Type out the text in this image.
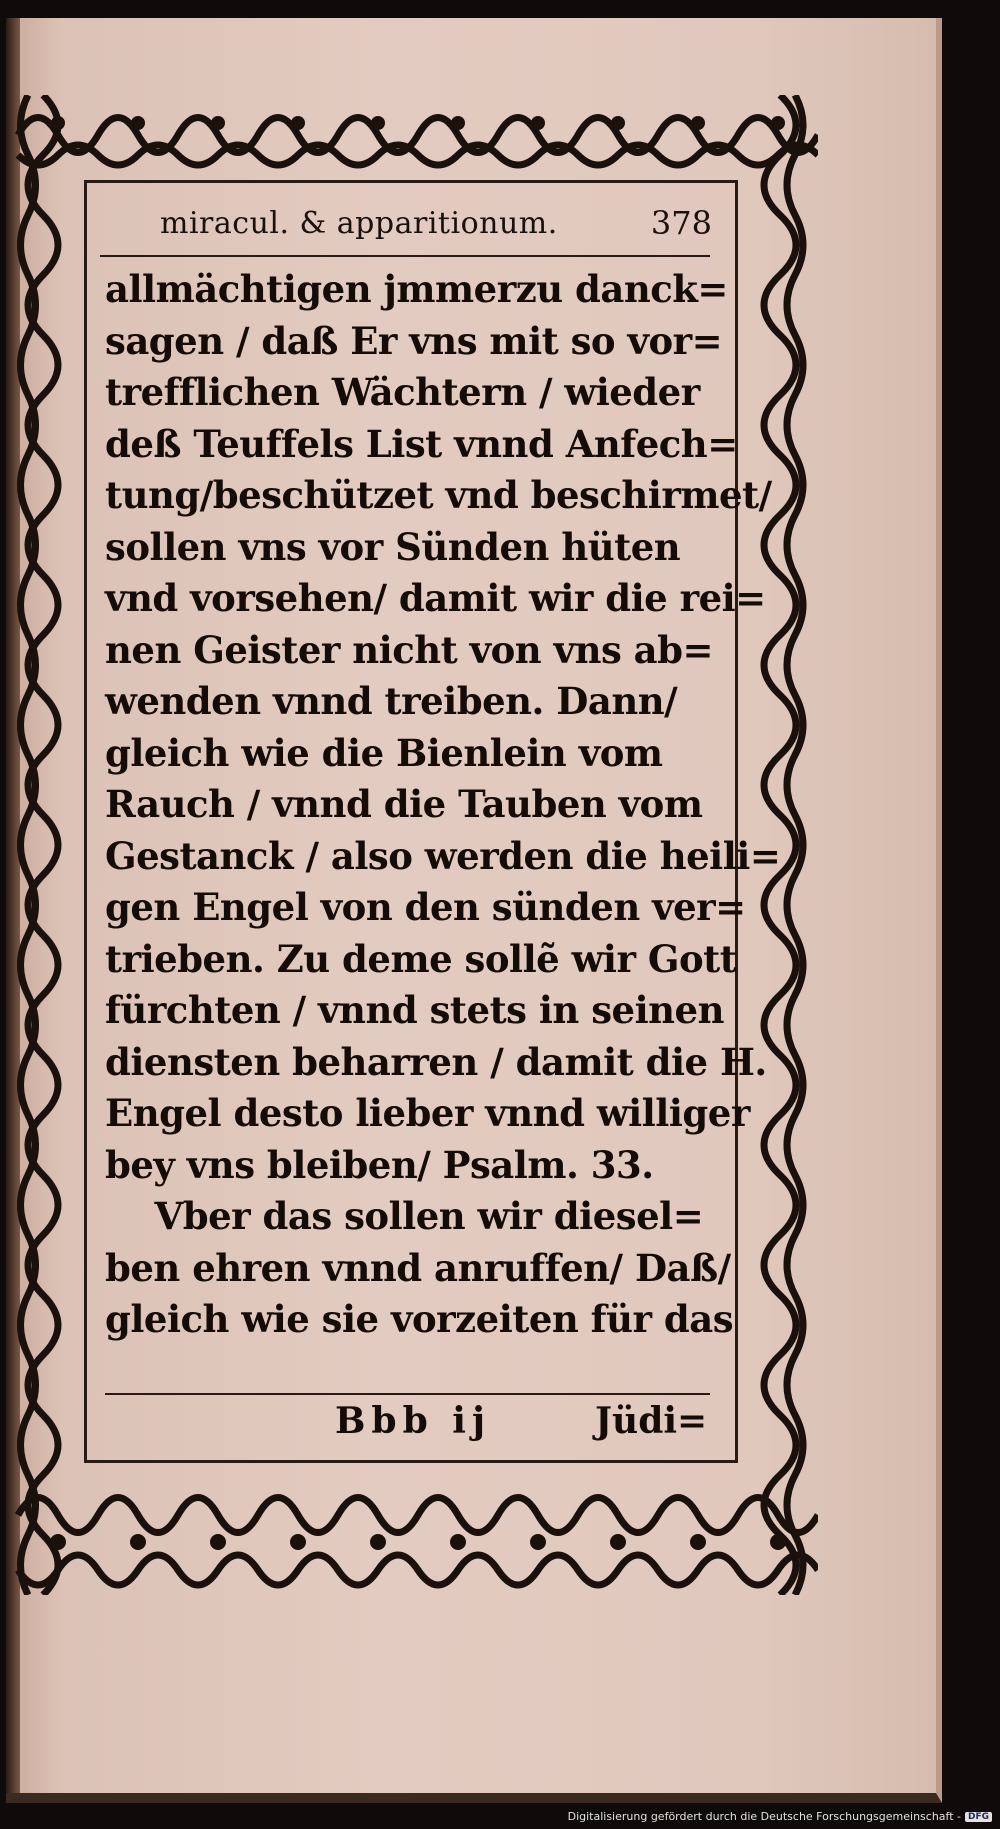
miracul. & apparitionum.	378
allmächtigen jmmerzu danck=
sagen / daß Er vns mit so vor=
trefflichen Wächtern / wieder
deß Teuffels List vnnd Anfech=
tung/beschützet vnd beschirmet/
sollen vns vor Sünden hüten
vnd vorsehen/ damit wir die rei=
nen Geister nicht von vns ab=
wenden vnnd treiben. Dann/
gleich wie die Bienlein vom
Rauch / vnnd die Tauben vom
Gestanck / also werden die heili=
gen Engel von den sünden ver=
trieben. Zu deme sollẽ wir Gott
fürchten / vnnd stets in seinen
diensten beharren / damit die H.
Engel desto lieber vnnd williger
bey vns bleiben/ Psalm. 33.
Vber das sollen wir diesel=
ben ehren vnnd anruffen/ Daß/
gleich wie sie vorzeiten für das
Bbb ij	Jüdi=
Digitalisierung gefördert durch die Deutsche Forschungsgemeinschaft - DFG
